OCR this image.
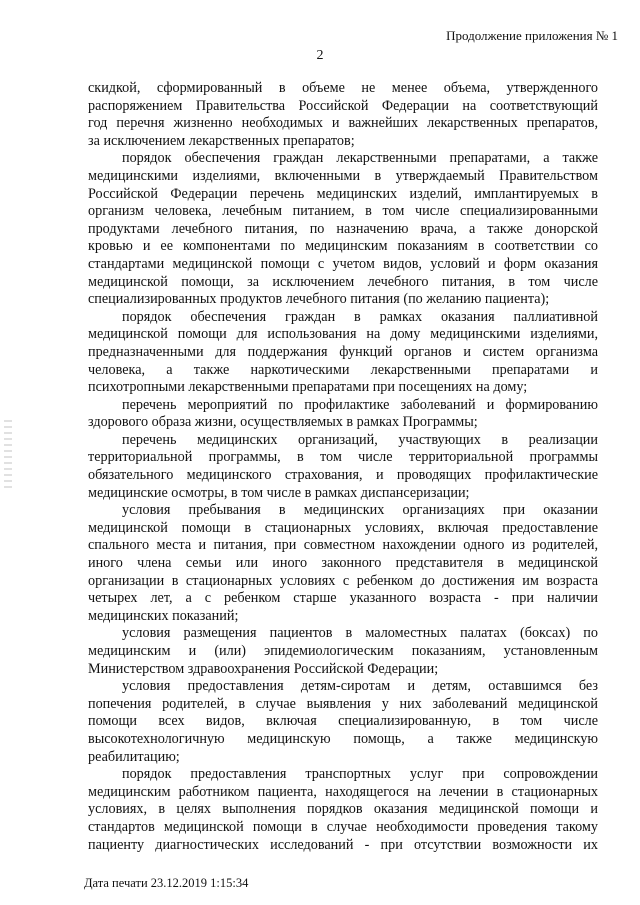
Продолжение приложения № 1
2
скидкой, сформированный в объеме не менее объема, утвержденного
распоряжением Правительства Российской Федерации на соответствующий
год перечня жизненно необходимых и важнейших лекарственных препаратов,
за исключением лекарственных препаратов;
порядок обеспечения граждан лекарственными препаратами, а также
медицинскими изделиями, включенными в утверждаемый Правительством
Российской Федерации перечень медицинских изделий, имплантируемых в
организм человека, лечебным питанием, в том числе специализированными
продуктами лечебного питания, по назначению врача, а также донорской
кровью и ее компонентами по медицинским показаниям в соответствии со
стандартами медицинской помощи с учетом видов, условий и форм оказания
медицинской помощи, за исключением лечебного питания, в том числе
специализированных продуктов лечебного питания (по желанию пациента);
порядок обеспечения граждан в рамках оказания паллиативной
медицинской помощи для использования на дому медицинскими изделиями,
предназначенными для поддержания функций органов и систем организма
человека, а также наркотическими лекарственными препаратами и
психотропными лекарственными препаратами при посещениях на дому;
перечень мероприятий по профилактике заболеваний и формированию
здорового образа жизни, осуществляемых в рамках Программы;
перечень медицинских организаций, участвующих в реализации
территориальной программы, в том числе территориальной программы
обязательного медицинского страхования, и проводящих профилактические
медицинские осмотры, в том числе в рамках диспансеризации;
условия пребывания в медицинских организациях при оказании
медицинской помощи в стационарных условиях, включая предоставление
спального места и питания, при совместном нахождении одного из родителей,
иного члена семьи или иного законного представителя в медицинской
организации в стационарных условиях с ребенком до достижения им возраста
четырех лет, а с ребенком старше указанного возраста - при наличии
медицинских показаний;
условия размещения пациентов в маломестных палатах (боксах) по
медицинским и (или) эпидемиологическим показаниям, установленным
Министерством здравоохранения Российской Федерации;
условия предоставления детям-сиротам и детям, оставшимся без
попечения родителей, в случае выявления у них заболеваний медицинской
помощи всех видов, включая специализированную, в том числе
высокотехнологичную медицинскую помощь, а также медицинскую
реабилитацию;
порядок предоставления транспортных услуг при сопровождении
медицинским работником пациента, находящегося на лечении в стационарных
условиях, в целях выполнения порядков оказания медицинской помощи и
стандартов медицинской помощи в случае необходимости проведения такому
пациенту диагностических исследований - при отсутствии возможности их
Дата печати 23.12.2019 1:15:34
